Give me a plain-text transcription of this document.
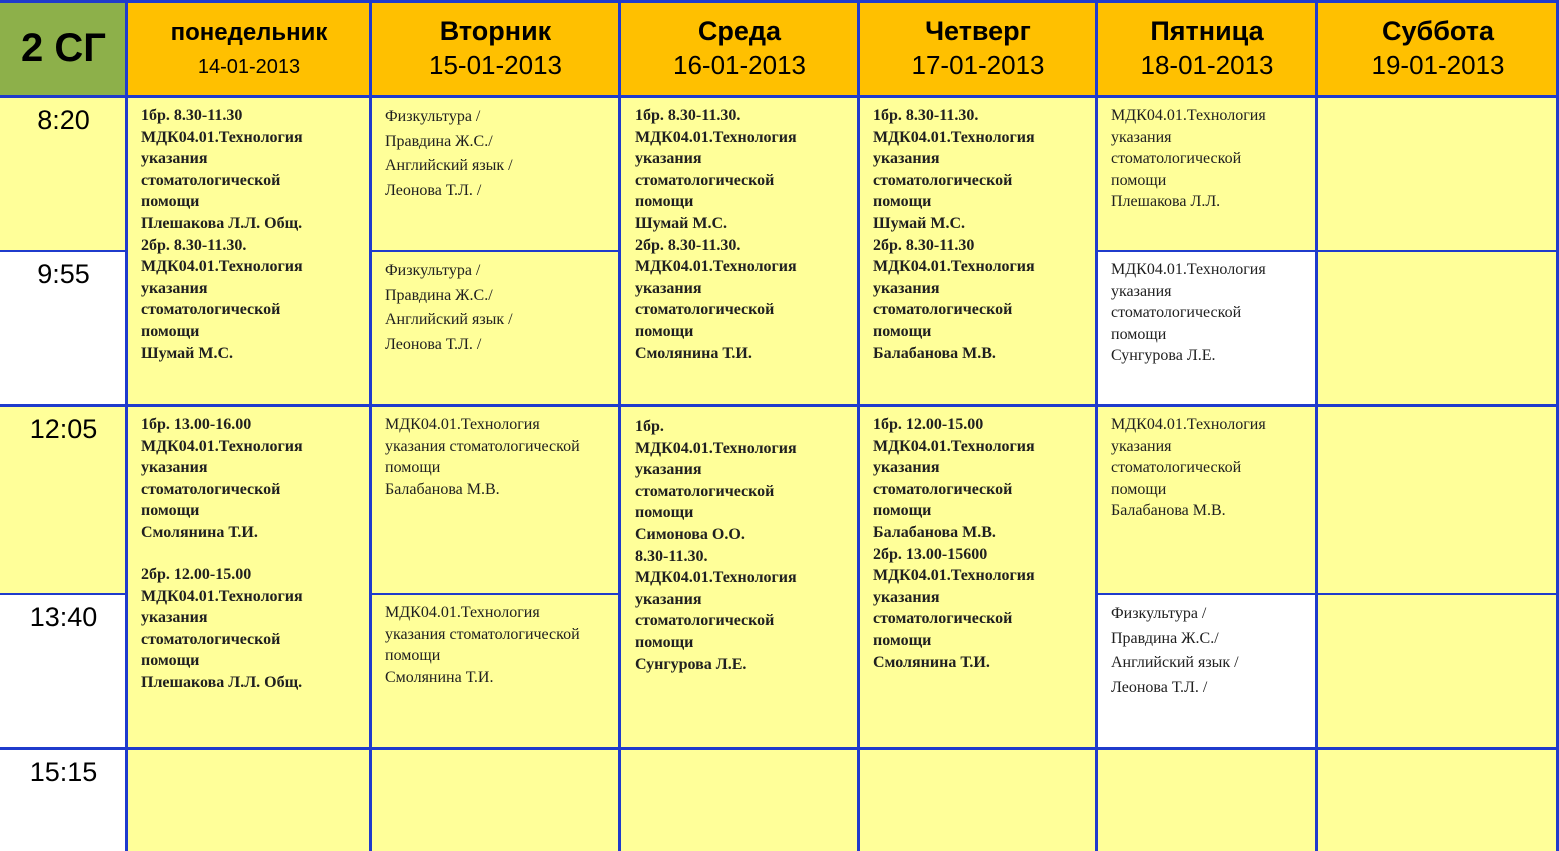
2 СГ	понедельник
14-01-2013
Вторник
15-01-2013
Среда
16-01-2013
Четверг
17-01-2013
Пятница
18-01-2013
Суббота
19-01-2013
8:20
9:55
12:05
13:40
15:15
1бр. 8.30-11.30
МДК04.01.Технология
указания
стоматологической
помощи
Плешакова Л.Л. Общ.
2бр. 8.30-11.30.
МДК04.01.Технология
указания
стоматологической
помощи
Шумай М.С.
1бр. 13.00-16.00
МДК04.01.Технология
указания
стоматологической
помощи
Смолянина Т.И.
2бр. 12.00-15.00
МДК04.01.Технология
указания
стоматологической
помощи
Плешакова Л.Л. Общ.
Физкультура /
Правдина Ж.С./
Английский язык /
Леонова Т.Л. /
Физкультура /
Правдина Ж.С./
Английский язык /
Леонова Т.Л. /
МДК04.01.Технология
указания стоматологической
помощи
Балабанова М.В.
МДК04.01.Технология
указания стоматологической
помощи
Смолянина Т.И.
1бр. 8.30-11.30.
МДК04.01.Технология
указания
стоматологической
помощи
Шумай М.С.
2бр. 8.30-11.30.
МДК04.01.Технология
указания
стоматологической
помощи
Смолянина Т.И.
1бр.
МДК04.01.Технология
указания
стоматологической
помощи
Симонова О.О.
8.30-11.30.
МДК04.01.Технология
указания
стоматологической
помощи
Сунгурова Л.Е.
1бр. 8.30-11.30.
МДК04.01.Технология
указания
стоматологической
помощи
Шумай М.С.
2бр. 8.30-11.30
МДК04.01.Технология
указания
стоматологической
помощи
Балабанова М.В.
1бр. 12.00-15.00
МДК04.01.Технология
указания
стоматологической
помощи
Балабанова М.В.
2бр. 13.00-15600
МДК04.01.Технология
указания
стоматологической
помощи
Смолянина Т.И.
МДК04.01.Технология
указания
стоматологической
помощи
Плешакова Л.Л.
МДК04.01.Технология
указания
стоматологической
помощи
Сунгурова Л.Е.
МДК04.01.Технология
указания
стоматологической
помощи
Балабанова М.В.
Физкультура /
Правдина Ж.С./
Английский язык /
Леонова Т.Л. /
